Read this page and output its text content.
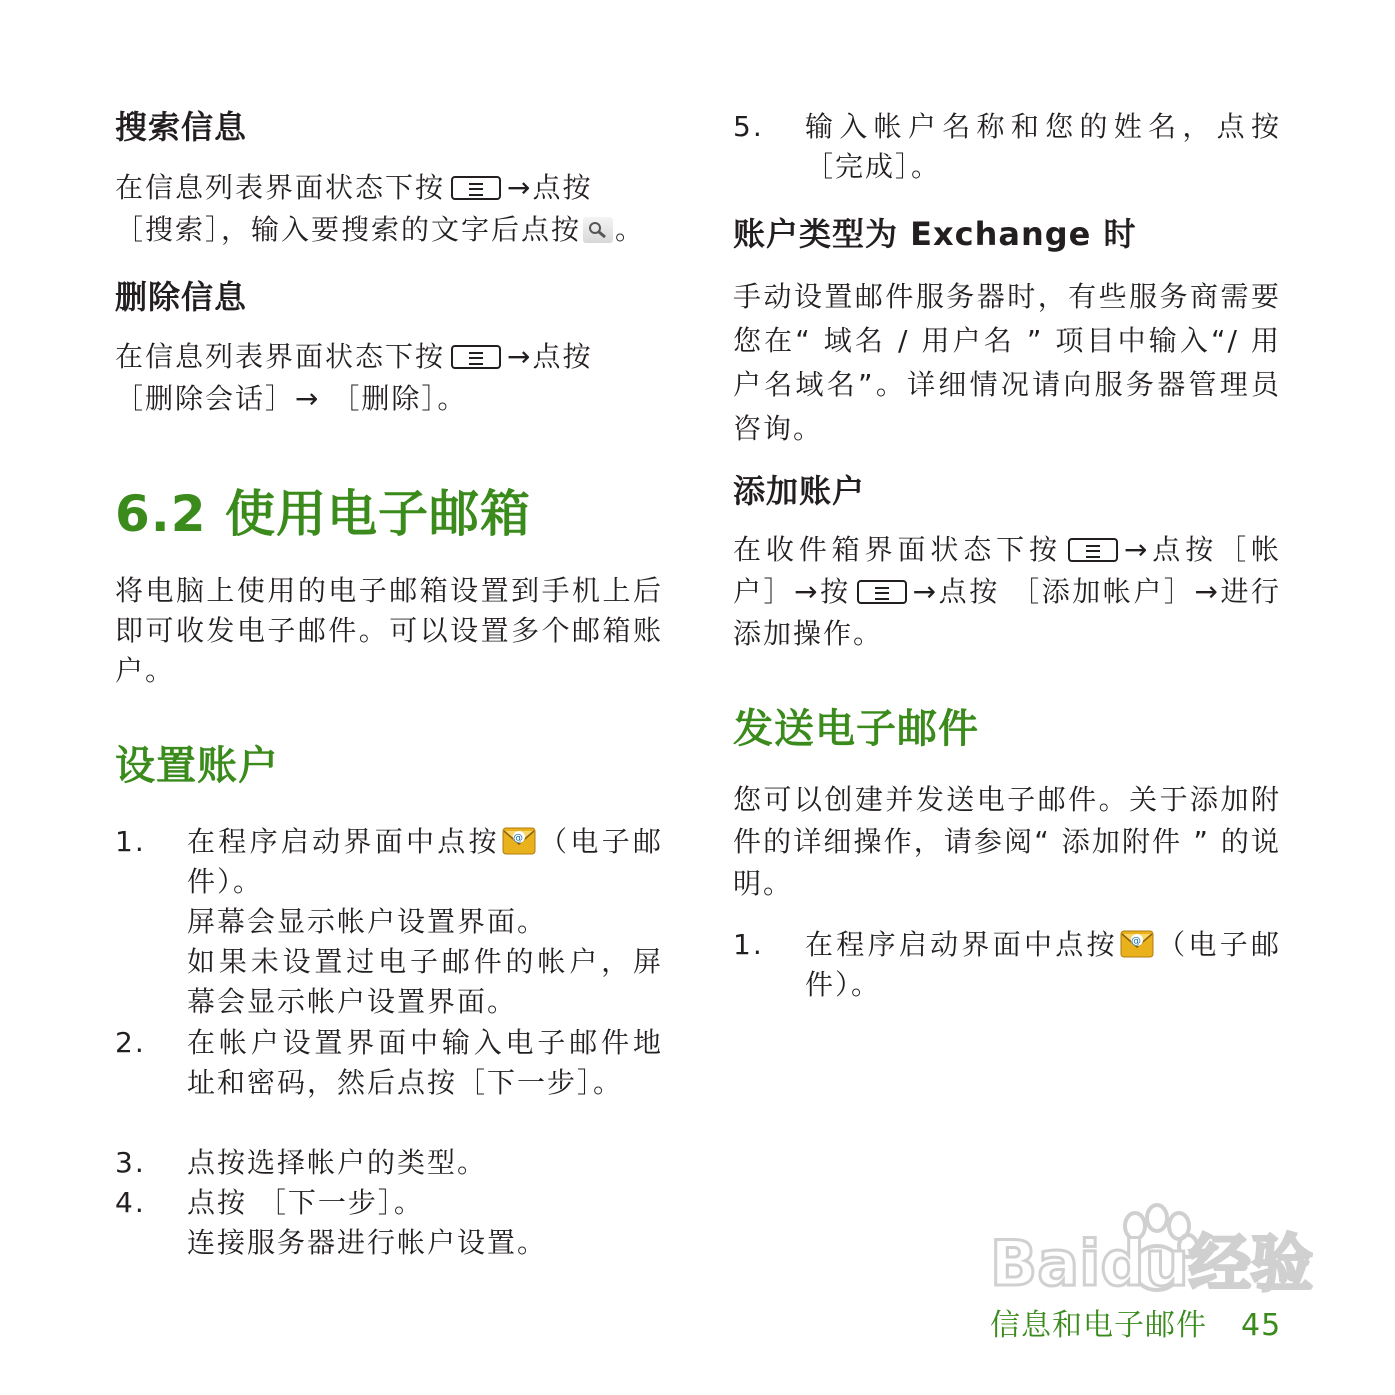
搜索信息

在信息列表界面状态下按 →点按
［搜索］，输入要搜索的文字后点按 。

删除信息

在信息列表界面状态下按 →点按
［删除会话］→ ［删除］。

6.2 使用电子邮箱

将电脑上使用的电子邮箱设置到手机上后即可收发电子邮件。可以设置多个邮箱账户。

设置账户
1. 在程序启动界面中点按 @ （电子邮件）。
屏幕会显示帐户设置界面。
如果未设置过电子邮件的帐户，屏幕会显示帐户设置界面。
2. 在帐户设置界面中输入电子邮件地址和密码，然后点按［下一步］。
3. 点按选择帐户的类型。
4. 点按 ［下一步］。
连接服务器进行帐户设置。
5. 输入帐户名称和您的姓名，点按［完成］。
账户类型为 Exchange 时

手动设置邮件服务器时，有些服务商需要您在“ 域名 / 用户名 ” 项目中输入“/ 用户名域名”。详细情况请向服务器管理员咨询。

添加账户

在收件箱界面状态下按 →点按［帐户］→按 →点按 ［添加帐户］→进行添加操作。

发送电子邮件

您可以创建并发送电子邮件。关于添加附件的详细操作，请参阅“ 添加附件 ” 的说明。

1. 在程序启动界面中点按 @ （电子邮件）。
Baidu经验
信息和电子邮件 45
